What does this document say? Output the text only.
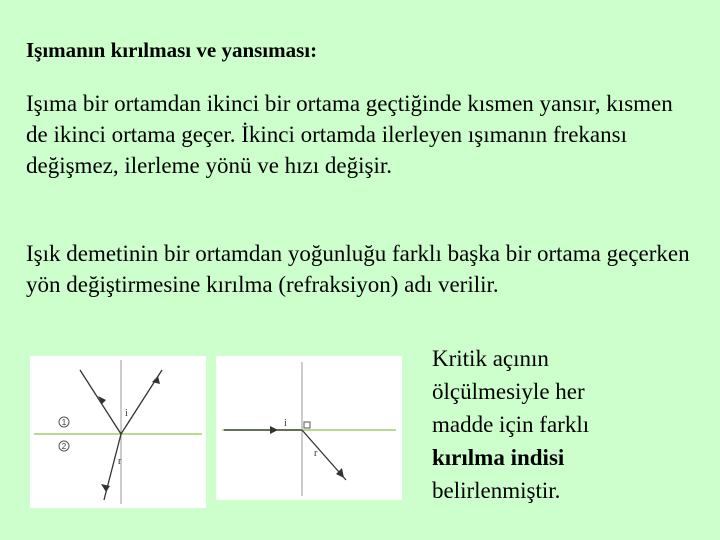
Işımanın kırılması ve yansıması:

Işıma bir ortamdan ikinci bir ortama geçtiğinde kısmen yansır, kısmen de ikinci ortama geçer. İkinci ortamda ilerleyen ışımanın frekansı değişmez, ilerleme yönü ve hızı değişir.

Işık demetinin bir ortamdan yoğunluğu farklı başka bir ortama geçerken yön değiştirmesine kırılma (refraksiyon) adı verilir.

1
2
i
r
i
r
Kritik açının
ölçülmesiyle her
madde için farklı
kırılma indisi
belirlenmiştir.
